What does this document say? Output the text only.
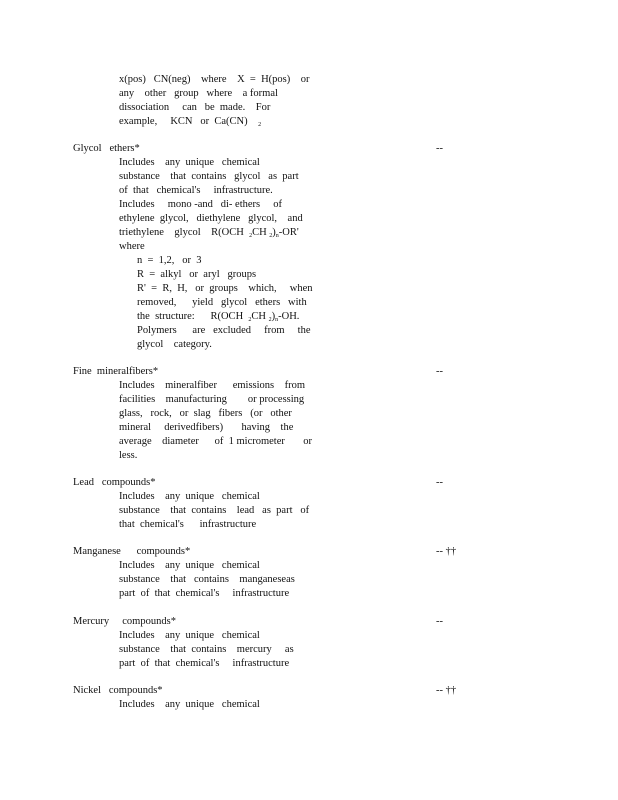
x(pos)   CN(neg)    where    X  =  H(pos)    or
any    other   group   where    a formal
dissociation     can   be  made.    For
example,     KCN   or  Ca(CN) $_2$
Glycol   ethers*	--
Includes    any  unique   chemical
substance    that  contains   glycol   as  part
of  that   chemical's     infrastructure.
Includes     mono -and   di- ethers     of
ethylene  glycol,   diethylene   glycol,    and
triethylene    glycol    R(OCH $_2$CH $_2)_n-OR'$
where
n  =  1,2,   or  3
R  =  alkyl   or  aryl   groups
R'  =  R,  H,   or  groups    which,     when
removed,      yield   glycol   ethers   with
the  structure:      R(OCH $_2$CH $_2)_n-OH$.
Polymers      are   excluded     from     the
glycol    category.
Fine  mineralfibers*	--
Includes    mineralfiber      emissions    from
facilities    manufacturing        or processing
glass,   rock,   or  slag   fibers   (or   other
mineral     derivedfibers)       having    the
average    diameter      of  1 micrometer       or
less.
Lead   compounds*	--
Includes    any  unique   chemical
substance    that  contains    lead   as  part   of
that  chemical's      infrastructure
Manganese      compounds*	-- ††
Includes    any  unique   chemical
substance    that   contains    manganeseas
part  of  that  chemical's     infrastructure
Mercury     compounds*	--
Includes    any  unique   chemical
substance    that  contains    mercury     as
part  of  that  chemical's     infrastructure
Nickel   compounds*	-- ††
Includes    any  unique   chemical
